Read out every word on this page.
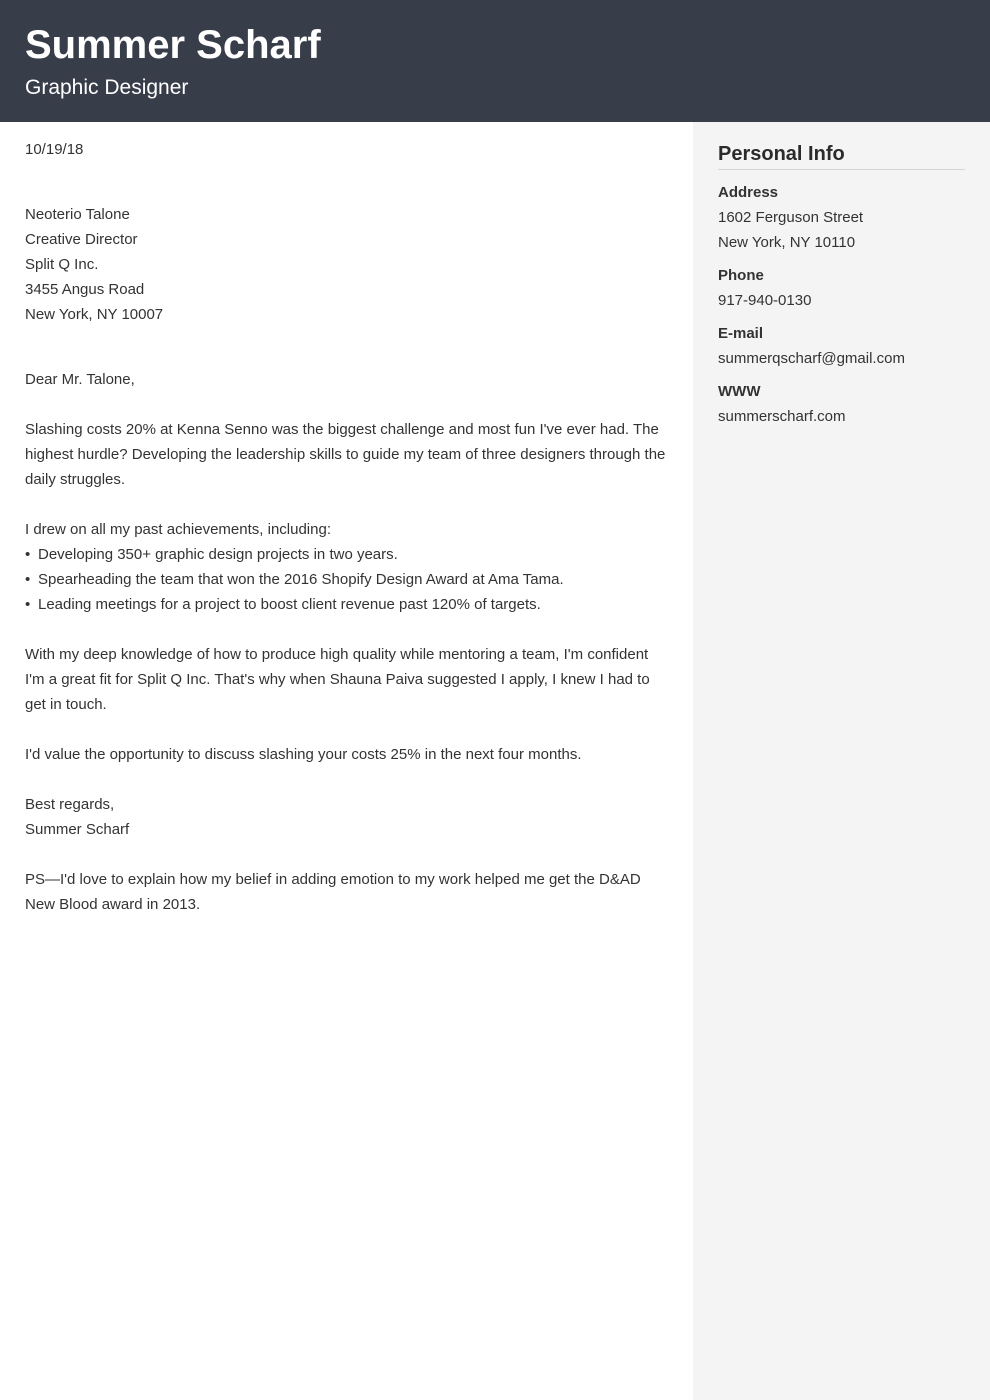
Summer Scharf
Graphic Designer
10/19/18
Neoterio Talone
Creative Director
Split Q Inc.
3455 Angus Road
New York, NY 10007
Dear Mr. Talone,
Slashing costs 20% at Kenna Senno was the biggest challenge and most fun I've ever had. The highest hurdle? Developing the leadership skills to guide my team of three designers through the daily struggles.
I drew on all my past achievements, including:
• Developing 350+ graphic design projects in two years.
• Spearheading the team that won the 2016 Shopify Design Award at Ama Tama.
• Leading meetings for a project to boost client revenue past 120% of targets.
With my deep knowledge of how to produce high quality while mentoring a team, I'm confident I'm a great fit for Split Q Inc. That's why when Shauna Paiva suggested I apply, I knew I had to get in touch.
I'd value the opportunity to discuss slashing your costs 25% in the next four months.
Best regards,
Summer Scharf
PS—I'd love to explain how my belief in adding emotion to my work helped me get the D&AD New Blood award in 2013.
Personal Info
Address
1602 Ferguson Street
New York, NY 10110
Phone
917-940-0130
E-mail
summerqscharf@gmail.com
WWW
summerscharf.com
